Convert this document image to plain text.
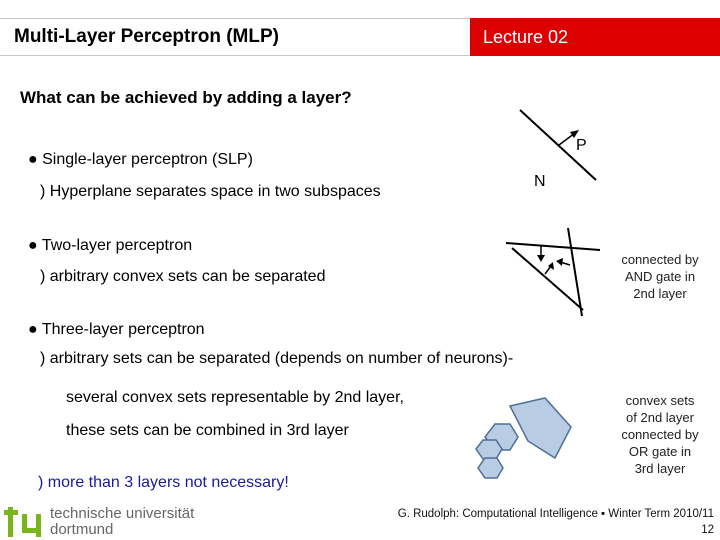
Multi-Layer Perceptron (MLP)	Lecture 02
What can be achieved by adding a layer?
● Single-layer perceptron (SLP)
) Hyperplane separates space in two subspaces
● Two-layer perceptron
) arbitrary convex sets can be separated
● Three-layer perceptron
) arbitrary sets can be separated (depends on number of neurons)-
several convex sets representable by 2nd layer,
these sets can be combined in 3rd layer
) more than 3 layers not necessary!
P
N
connected by
AND gate in
2nd layer
convex sets
of 2nd layer
connected by
OR gate in
3rd layer
technische universität
dortmund
G. Rudolph: Computational Intelligence ▪ Winter Term 2010/11
12
